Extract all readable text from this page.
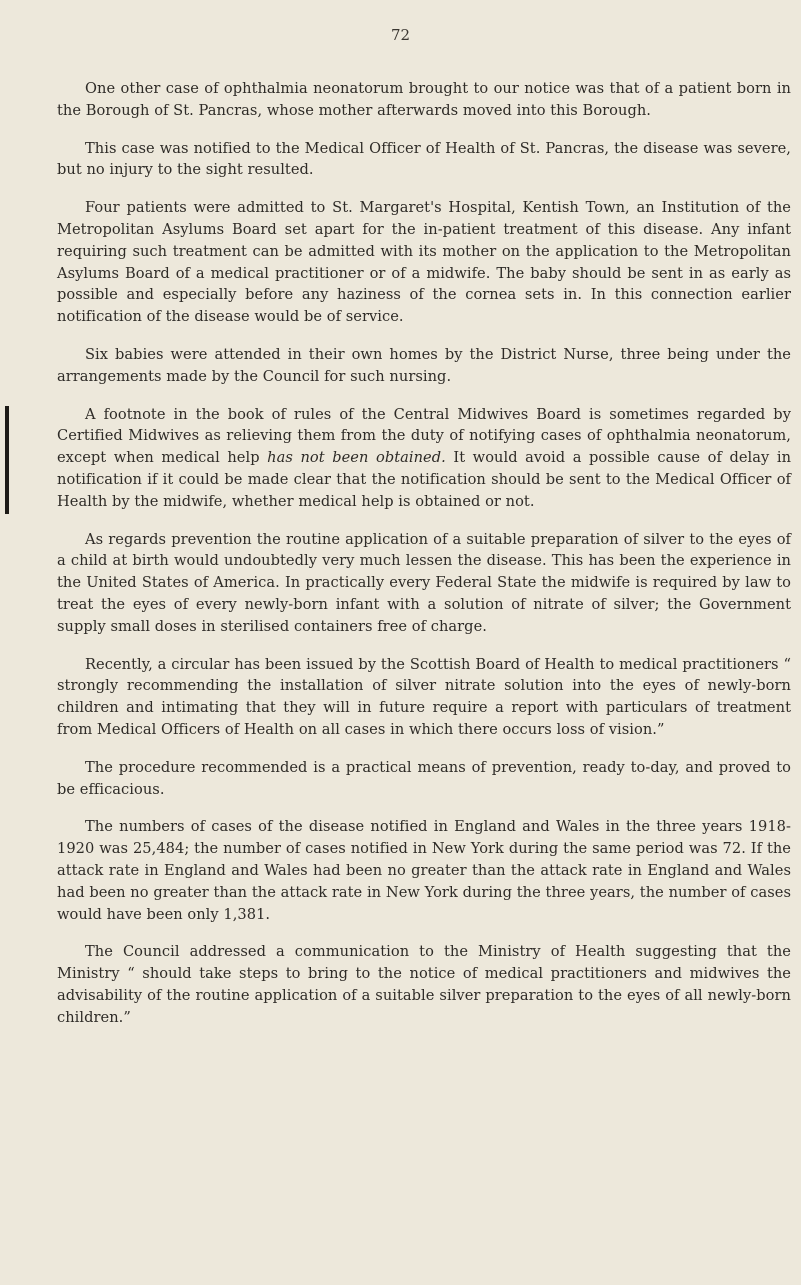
72

One other case of ophthalmia neonatorum brought to our notice was that of a patient born in the Borough of St. Pancras, whose mother afterwards moved into this Borough.

This case was notified to the Medical Officer of Health of St. Pancras, the disease was severe, but no injury to the sight resulted.

Four patients were admitted to St. Margaret's Hospital, Kentish Town, an Institution of the Metropolitan Asylums Board set apart for the in-patient treatment of this disease. Any infant requiring such treatment can be admitted with its mother on the application to the Metropolitan Asylums Board of a medical practitioner or of a midwife. The baby should be sent in as early as possible and especially before any haziness of the cornea sets in. In this connection earlier notification of the disease would be of service.

Six babies were attended in their own homes by the District Nurse, three being under the arrangements made by the Council for such nursing.

A footnote in the book of rules of the Central Midwives Board is sometimes regarded by Certified Midwives as relieving them from the duty of notifying cases of ophthalmia neonatorum, except when medical help has not been obtained. It would avoid a possible cause of delay in notification if it could be made clear that the notification should be sent to the Medical Officer of Health by the midwife, whether medical help is obtained or not.

As regards prevention the routine application of a suitable preparation of silver to the eyes of a child at birth would undoubtedly very much lessen the disease. This has been the experience in the United States of America. In practically every Federal State the midwife is required by law to treat the eyes of every newly-born infant with a solution of nitrate of silver; the Government supply small doses in sterilised containers free of charge.

Recently, a circular has been issued by the Scottish Board of Health to medical practitioners “ strongly recommending the installation of silver nitrate solution into the eyes of newly-born children and intimating that they will in future require a report with particulars of treatment from Medical Officers of Health on all cases in which there occurs loss of vision.”

The procedure recommended is a practical means of prevention, ready to-day, and proved to be efficacious.

The numbers of cases of the disease notified in England and Wales in the three years 1918-1920 was 25,484; the number of cases notified in New York during the same period was 72. If the attack rate in England and Wales had been no greater than the attack rate in England and Wales had been no greater than the attack rate in New York during the three years, the number of cases would have been only 1,381.

The Council addressed a communication to the Ministry of Health suggesting that the Ministry “ should take steps to bring to the notice of medical practitioners and midwives the advisability of the routine application of a suitable silver preparation to the eyes of all newly-born children.”
